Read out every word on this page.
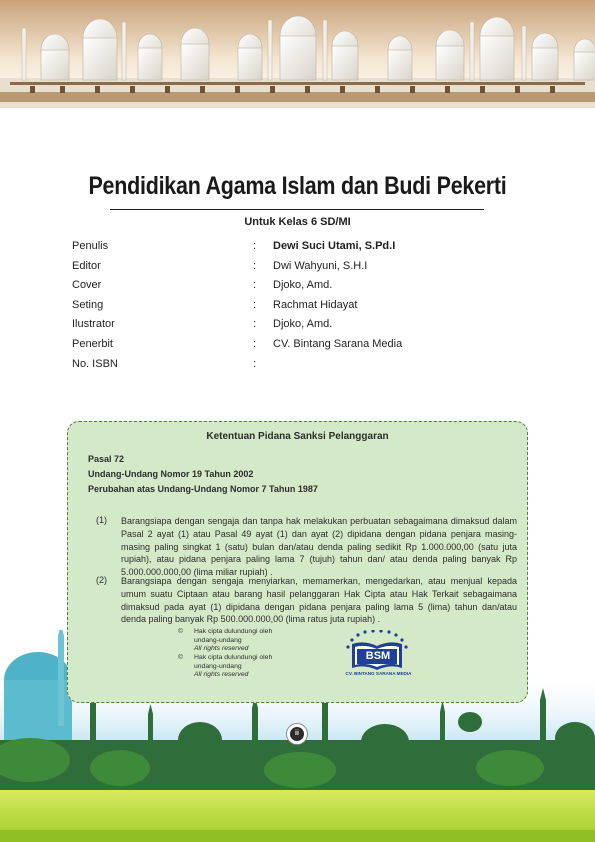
Pendidikan Agama Islam dan Budi Pekerti
Untuk Kelas 6 SD/MI
Penulis	: Dewi Suci Utami, S.Pd.I
Editor	: Dwi Wahyuni, S.H.I
Cover	: Djoko, Amd.
Seting	: Rachmat Hidayat
Ilustrator	: Djoko, Amd.
Penerbit	: CV. Bintang Sarana Media
No. ISBN	:
Ketentuan Pidana Sanksi Pelanggaran
Pasal 72
Undang-Undang Nomor 19 Tahun 2002
Perubahan atas Undang-Undang Nomor 7 Tahun 1987
(1) Barangsiapa dengan sengaja dan tanpa hak melakukan perbuatan sebagaimana dimaksud dalam Pasal 2 ayat (1) atau Pasal 49 ayat (1) dan ayat (2) dipidana dengan pidana penjara masing-masing paling singkat 1 (satu) bulan dan/atau denda paling sedikit Rp 1.000.000,00 (satu juta rupiah), atau pidana penjara paling lama 7 (tujuh) tahun dan/ atau denda paling banyak Rp 5.000.000.000,00 (lima miliar rupiah) .
(2) Barangsiapa dengan sengaja menyiarkan, memamerkan, mengedarkan, atau menjual kepada umum suatu Ciptaan atau barang hasil pelanggaran Hak Cipta atau Hak Terkait sebagaimana dimaksud pada ayat (1) dipidana dengan pidana penjara paling lama 5 (lima) tahun dan/atau denda paling banyak Rp 500.000.000,00 (lima ratus juta rupiah) .
©	Hak cipta dulundungi oleh
undang-undang
All rights reserved
©	Hak cipta dulundungi oleh
undang-undang
All rights reserved
BSM
CV. BINTANG SARANA MEDIA
ii
